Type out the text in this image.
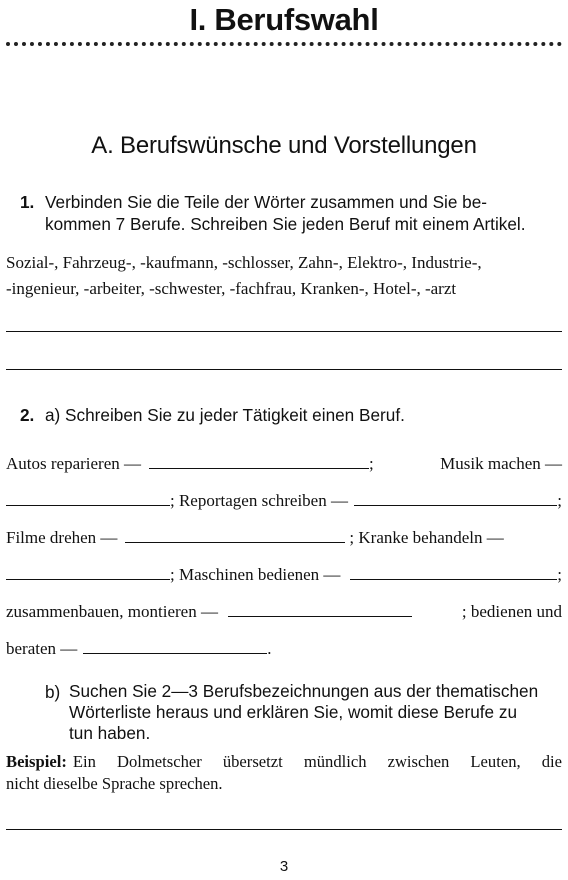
I. Berufswahl
A. Berufswünsche und Vorstellungen
1. Verbinden Sie die Teile der Wörter zusammen und Sie be-
kommen 7 Berufe. Schreiben Sie jeden Beruf mit einem Artikel.
Sozial-, Fahrzeug-, -kaufmann, -schlosser, Zahn-, Elektro-, Industrie-,
-ingenieur, -arbeiter, -schwester, -fachfrau, Kranken-, Hotel-, -arzt
2. a) Schreiben Sie zu jeder Tätigkeit einen Beruf.
Autos reparieren —	;	Musik machen —
; Reportagen schreiben —	;
Filme drehen —	; Kranke behandeln —
; Maschinen bedienen —	;
zusammenbauen, montieren —	; bedienen und
beraten —	.
b) Suchen Sie 2—3 Berufsbezeichnungen aus der thematischen
Wörterliste heraus und erklären Sie, womit diese Berufe zu
tun haben.
Beispiel: Ein Dolmetscher übersetzt mündlich zwischen Leuten, die
nicht dieselbe Sprache sprechen.
3
